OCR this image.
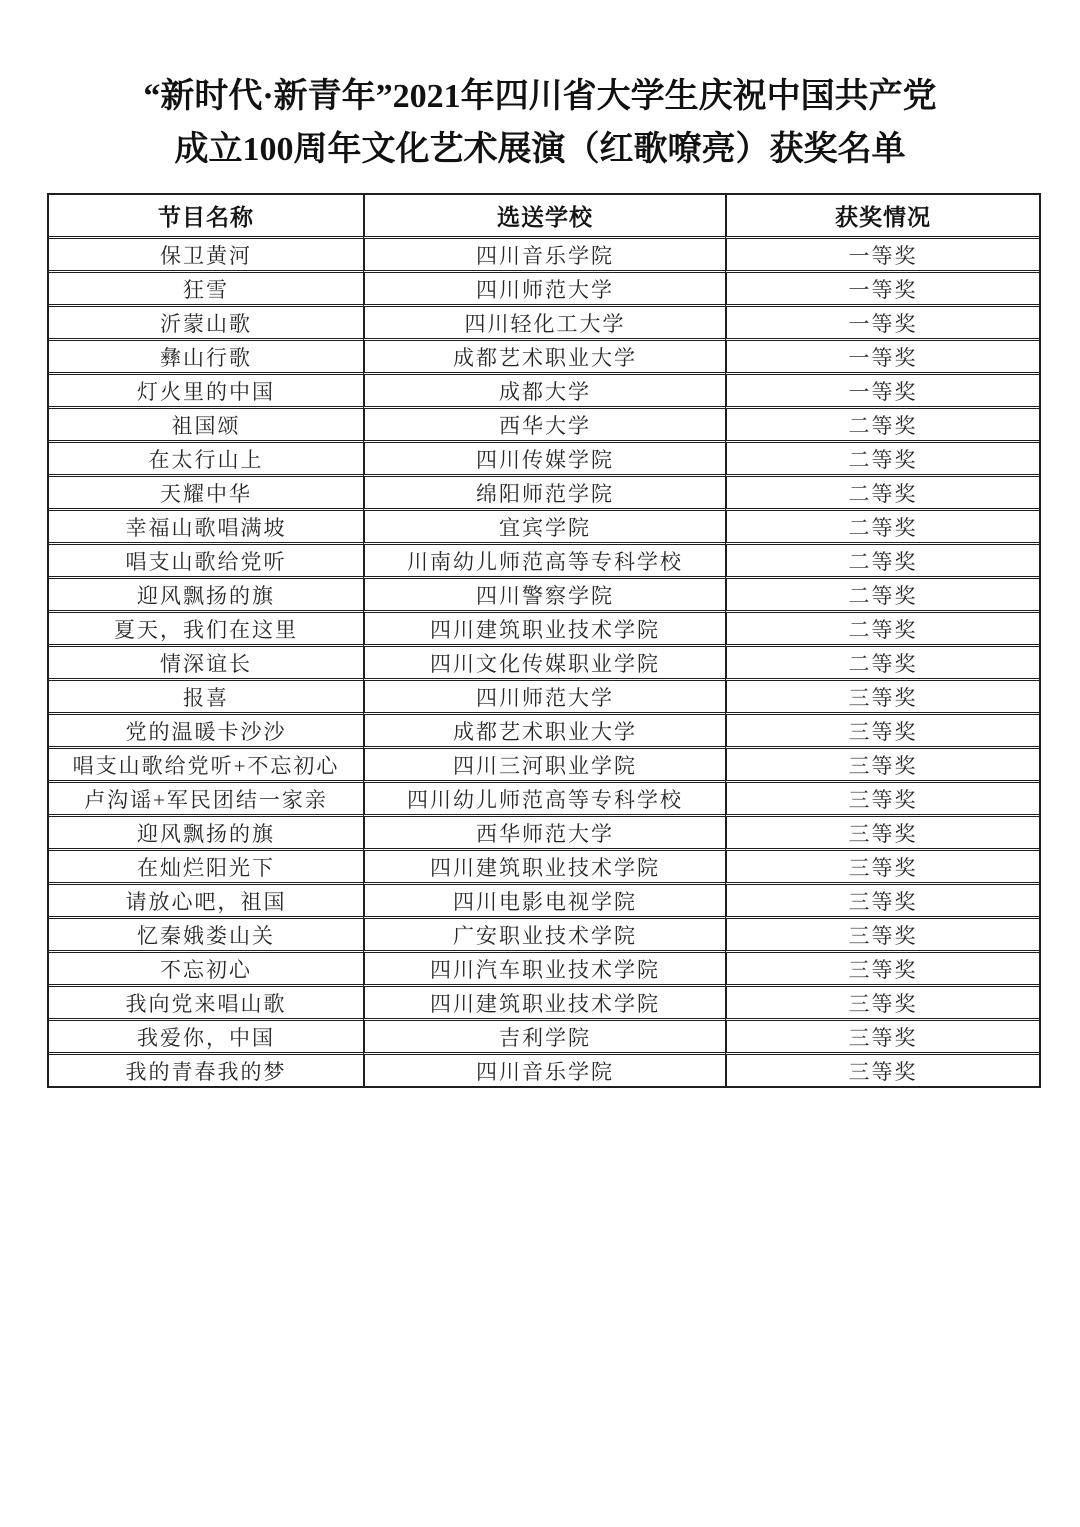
“新时代·新青年”2021年四川省大学生庆祝中国共产党
成立100周年文化艺术展演（红歌嘹亮）获奖名单
节目名称	选送学校	获奖情况
保卫黄河	四川音乐学院	一等奖
狂雪	四川师范大学	一等奖
沂蒙山歌	四川轻化工大学	一等奖
彝山行歌	成都艺术职业大学	一等奖
灯火里的中国	成都大学	一等奖
祖国颂	西华大学	二等奖
在太行山上	四川传媒学院	二等奖
天耀中华	绵阳师范学院	二等奖
幸福山歌唱满坡	宜宾学院	二等奖
唱支山歌给党听	川南幼儿师范高等专科学校	二等奖
迎风飘扬的旗	四川警察学院	二等奖
夏天，我们在这里	四川建筑职业技术学院	二等奖
情深谊长	四川文化传媒职业学院	二等奖
报喜	四川师范大学	三等奖
党的温暖卡沙沙	成都艺术职业大学	三等奖
唱支山歌给党听+不忘初心	四川三河职业学院	三等奖
卢沟谣+军民团结一家亲	四川幼儿师范高等专科学校	三等奖
迎风飘扬的旗	西华师范大学	三等奖
在灿烂阳光下	四川建筑职业技术学院	三等奖
请放心吧，祖国	四川电影电视学院	三等奖
忆秦娥娄山关	广安职业技术学院	三等奖
不忘初心	四川汽车职业技术学院	三等奖
我向党来唱山歌	四川建筑职业技术学院	三等奖
我爱你，中国	吉利学院	三等奖
我的青春我的梦	四川音乐学院	三等奖
